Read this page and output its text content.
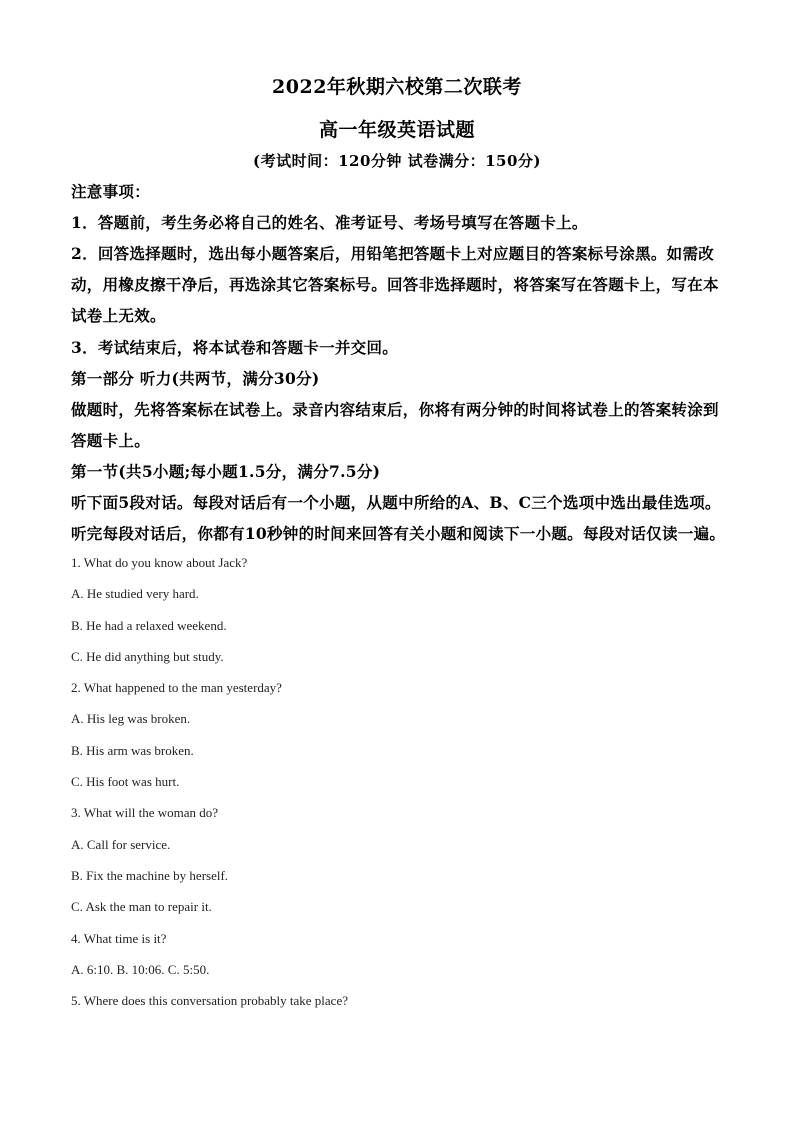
2022年秋期六校第二次联考
高一年级英语试题
(考试时间：120分钟 试卷满分：150分)
注意事项：
1．答题前，考生务必将自己的姓名、准考证号、考场号填写在答题卡上。
2．回答选择题时，选出每小题答案后，用铅笔把答题卡上对应题目的答案标号涂黑。如需改动，用橡皮擦干净后，再选涂其它答案标号。回答非选择题时，将答案写在答题卡上，写在本试卷上无效。
3．考试结束后，将本试卷和答题卡一并交回。
第一部分 听力(共两节，满分30分)
做题时，先将答案标在试卷上。录音内容结束后，你将有两分钟的时间将试卷上的答案转涂到答题卡上。
第一节(共5小题;每小题1.5分，满分7.5分)
听下面5段对话。每段对话后有一个小题，从题中所给的A、B、C三个选项中选出最佳选项。听完每段对话后，你都有10秒钟的时间来回答有关小题和阅读下一小题。每段对话仅读一遍。
1. What do you know about Jack?
A. He studied very hard.
B. He had a relaxed weekend.
C. He did anything but study.
2. What happened to the man yesterday?
A. His leg was broken.
B. His arm was broken.
C. His foot was hurt.
3. What will the woman do?
A. Call for service.
B. Fix the machine by herself.
C. Ask the man to repair it.
4. What time is it?
A. 6:10. B. 10:06. C. 5:50.
5. Where does this conversation probably take place?
